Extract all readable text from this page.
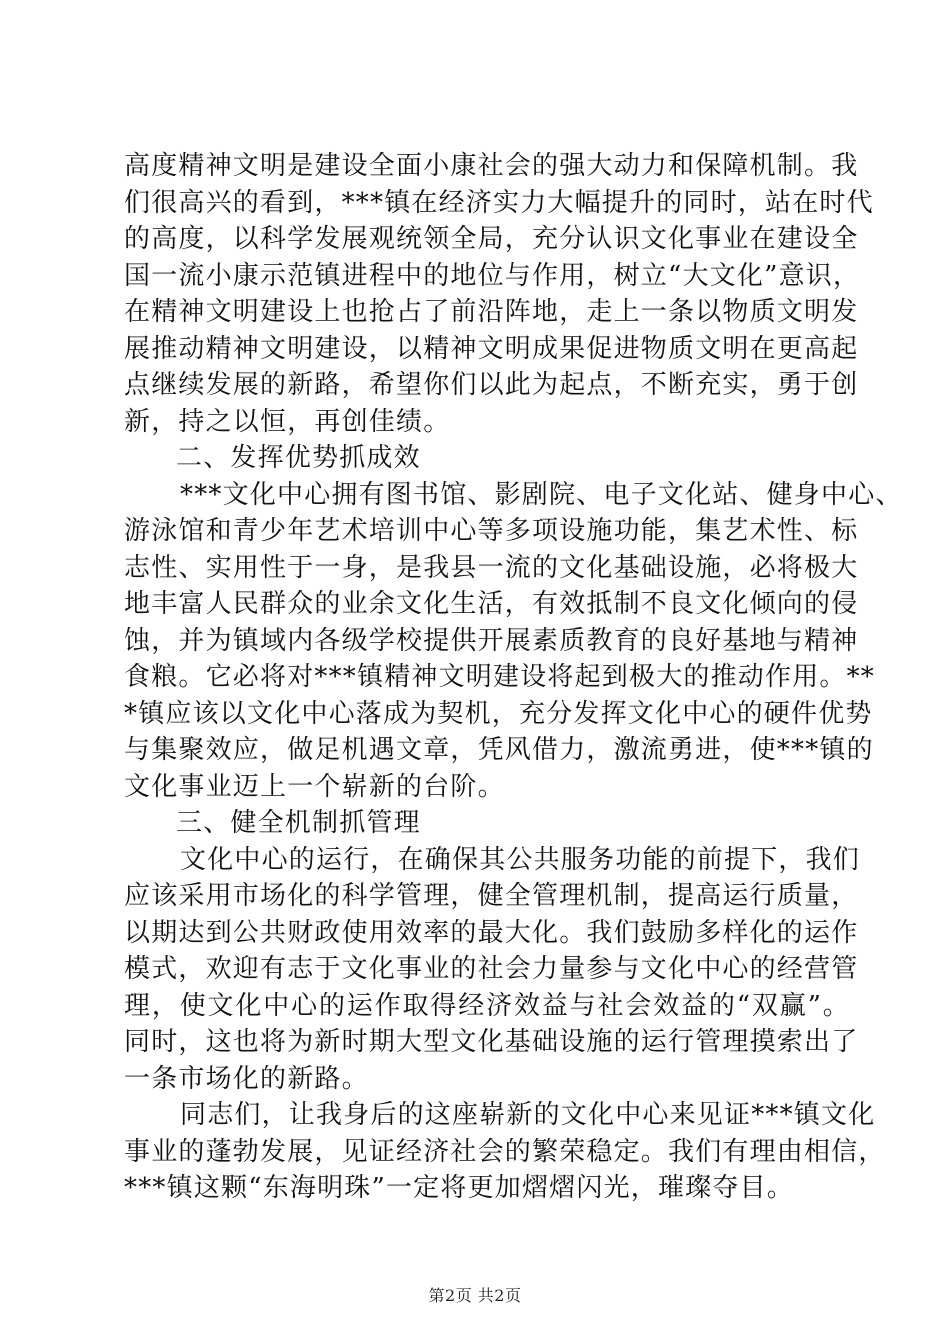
高度精神文明是建设全面小康社会的强大动力和保障机制。我
们很高兴的看到，***镇在经济实力大幅提升的同时，站在时代
的高度，以科学发展观统领全局，充分认识文化事业在建设全
国一流小康示范镇进程中的地位与作用，树立“大文化”意识，
在精神文明建设上也抢占了前沿阵地，走上一条以物质文明发
展推动精神文明建设，以精神文明成果促进物质文明在更高起
点继续发展的新路，希望你们以此为起点，不断充实，勇于创
新，持之以恒，再创佳绩。
二、发挥优势抓成效
***文化中心拥有图书馆、影剧院、电子文化站、健身中心、
游泳馆和青少年艺术培训中心等多项设施功能，集艺术性、标
志性、实用性于一身，是我县一流的文化基础设施，必将极大
地丰富人民群众的业余文化生活，有效抵制不良文化倾向的侵
蚀，并为镇域内各级学校提供开展素质教育的良好基地与精神
食粮。它必将对***镇精神文明建设将起到极大的推动作用。**
*镇应该以文化中心落成为契机，充分发挥文化中心的硬件优势
与集聚效应，做足机遇文章，凭风借力，激流勇进，使***镇的
文化事业迈上一个崭新的台阶。
三、健全机制抓管理
文化中心的运行，在确保其公共服务功能的前提下，我们
应该采用市场化的科学管理，健全管理机制，提高运行质量，
以期达到公共财政使用效率的最大化。我们鼓励多样化的运作
模式，欢迎有志于文化事业的社会力量参与文化中心的经营管
理，使文化中心的运作取得经济效益与社会效益的“双赢”。
同时，这也将为新时期大型文化基础设施的运行管理摸索出了
一条市场化的新路。
同志们，让我身后的这座崭新的文化中心来见证***镇文化
事业的蓬勃发展，见证经济社会的繁荣稳定。我们有理由相信，
***镇这颗“东海明珠”一定将更加熠熠闪光，璀璨夺目。
第2页 共2页
